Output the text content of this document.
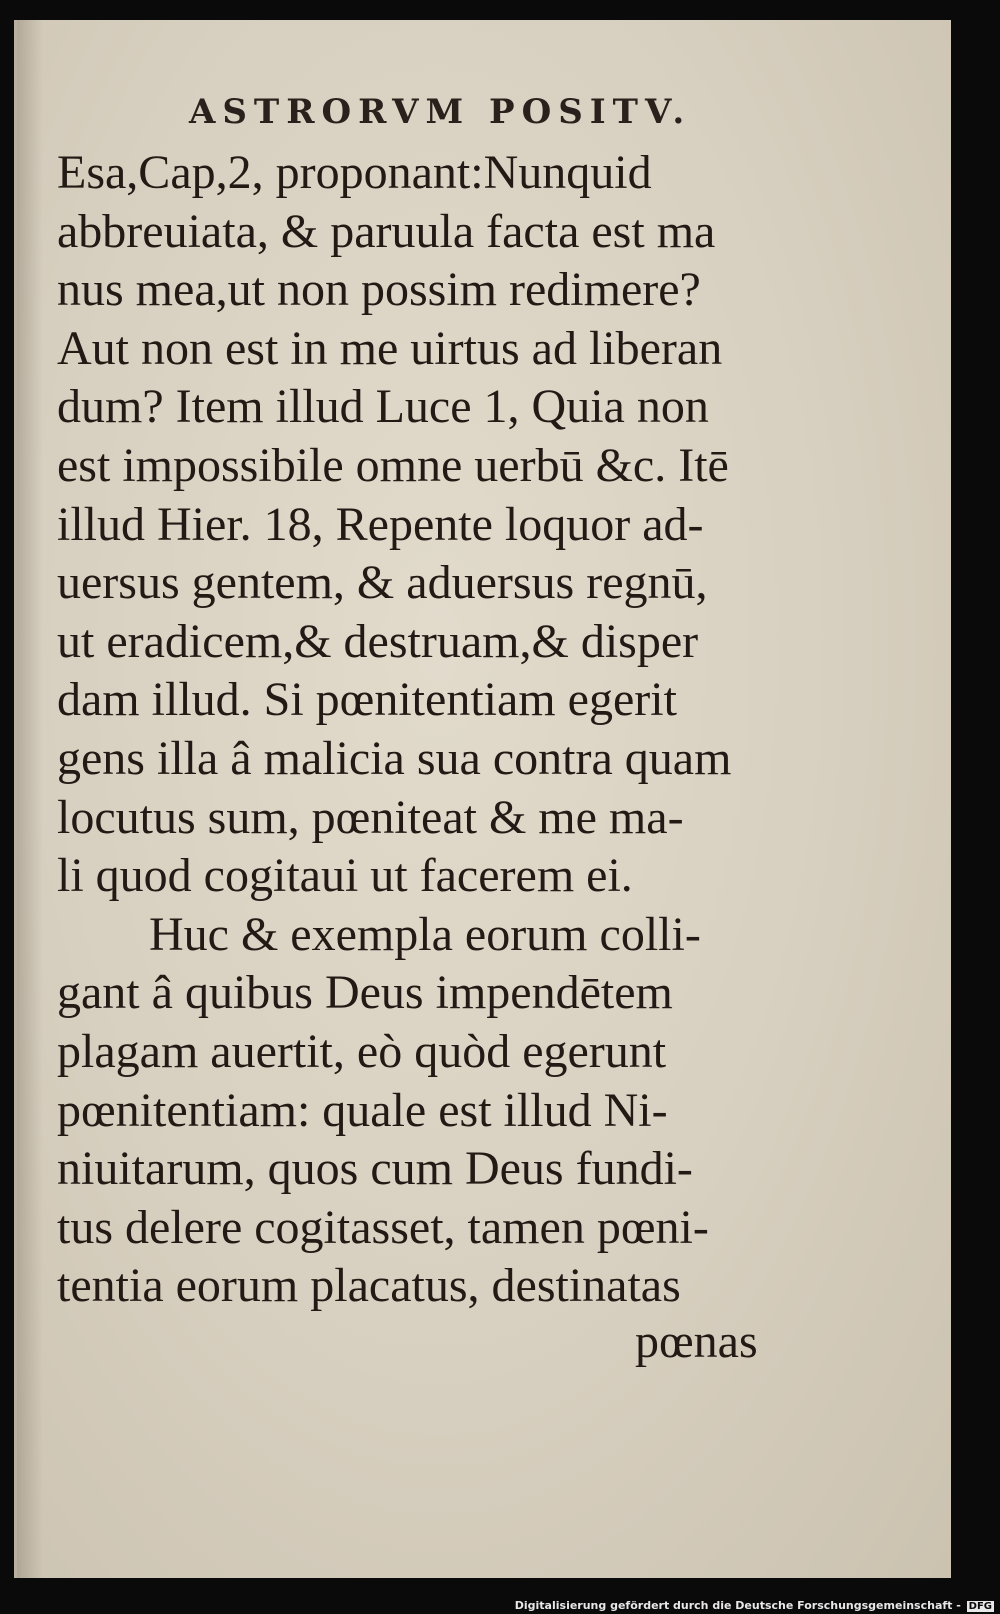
ASTRORVM POSITV.
Esa,Cap,2, proponant:Nunquid
abbreuiata, & paruula facta est ma
nus mea,ut non possim redimere?
Aut non est in me uirtus ad liberan
dum? Item illud Luce 1, Quia non
est impossibile omne uerbū &c. Itē
illud Hier. 18, Repente loquor ad-
uersus gentem, & aduersus regnū,
ut eradicem,& destruam,& disper
dam illud. Si pœnitentiam egerit
gens illa â malicia sua contra quam
locutus sum, pœniteat & me ma-
li quod cogitaui ut facerem ei.
Huc & exempla eorum colli-
gant â quibus Deus impendētem
plagam auertit, eò quòd egerunt
pœnitentiam: quale est illud Ni-
niuitarum, quos cum Deus fundi-
tus delere cogitasset, tamen pœni-
tentia eorum placatus, destinatas
pœnas
Digitalisierung gefördert durch die Deutsche Forschungsgemeinschaft - DFG
